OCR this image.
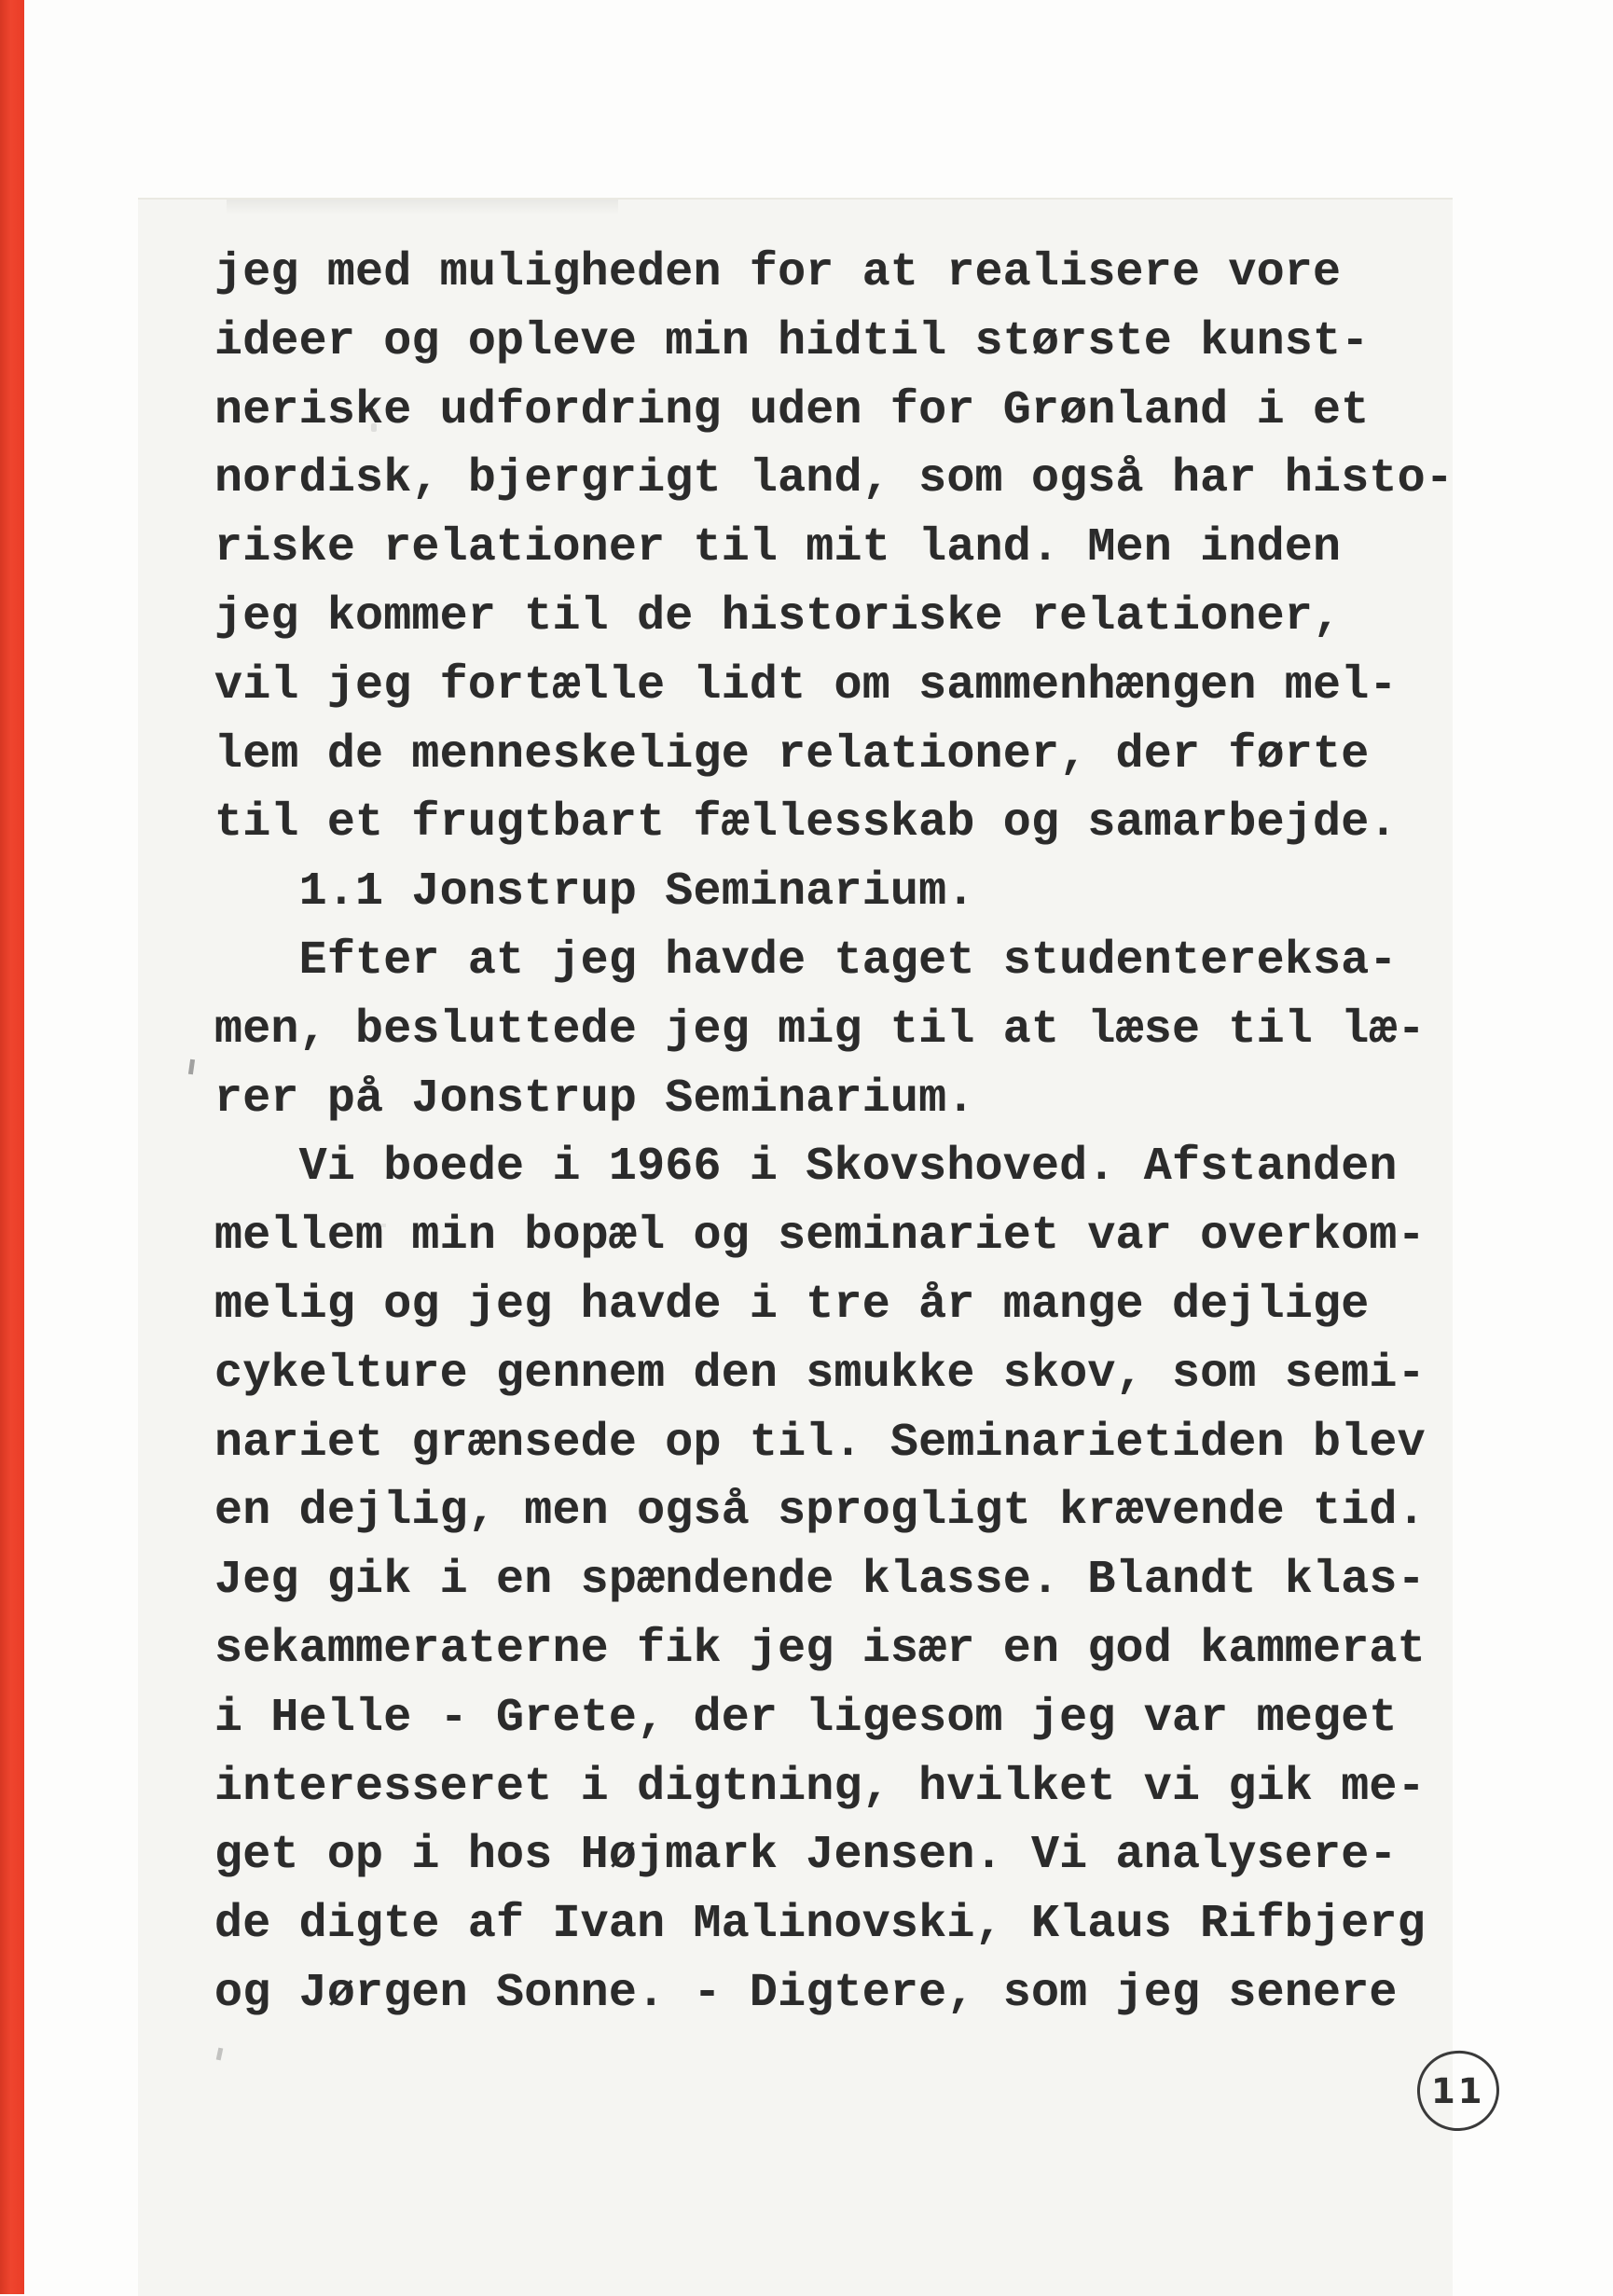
jeg med muligheden for at realisere vore
ideer og opleve min hidtil største kunst-
neriske udfordring uden for Grønland i et
nordisk, bjergrigt land, som også har histo-
riske relationer til mit land. Men inden
jeg kommer til de historiske relationer,
vil jeg fortælle lidt om sammenhængen mel-
lem de menneskelige relationer, der førte
til et frugtbart fællesskab og samarbejde.
1.1 Jonstrup Seminarium.
Efter at jeg havde taget studentereksa-
men, besluttede jeg mig til at læse til læ-
rer på Jonstrup Seminarium.
Vi boede i 1966 i Skovshoved. Afstanden
mellem min bopæl og seminariet var overkom-
melig og jeg havde i tre år mange dejlige
cykelture gennem den smukke skov, som semi-
nariet grænsede op til. Seminarietiden blev
en dejlig, men også sprogligt krævende tid.
Jeg gik i en spændende klasse. Blandt klas-
sekammeraterne fik jeg især en god kammerat
i Helle - Grete, der ligesom jeg var meget
interesseret i digtning, hvilket vi gik me-
get op i hos Højmark Jensen. Vi analysere-
de digte af Ivan Malinovski, Klaus Rifbjerg
og Jørgen Sonne. - Digtere, som jeg senere
11
